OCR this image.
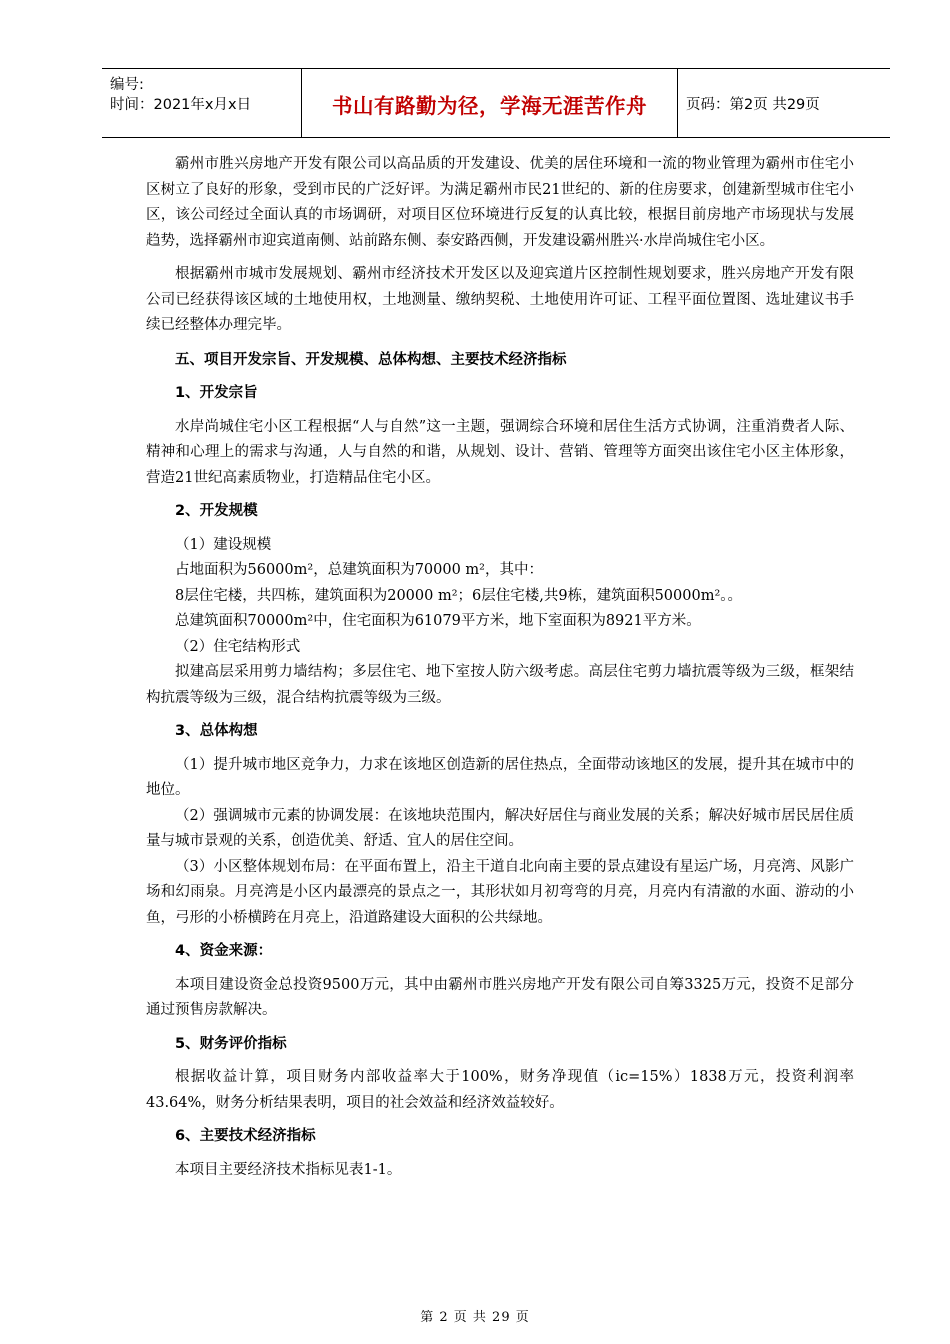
编号:
时间：2021年x月x日	书山有路勤为径，学海无涯苦作舟	页码：第2页 共29页

霸州市胜兴房地产开发有限公司以高品质的开发建设、优美的居住环境和一流的物业管理为霸州市住宅小区树立了良好的形象，受到市民的广泛好评。为满足霸州市民21世纪的、新的住房要求，创建新型城市住宅小区，该公司经过全面认真的市场调研，对项目区位环境进行反复的认真比较，根据目前房地产市场现状与发展趋势，选择霸州市迎宾道南侧、站前路东侧、泰安路西侧，开发建设霸州胜兴·水岸尚城住宅小区。

根据霸州市城市发展规划、霸州市经济技术开发区以及迎宾道片区控制性规划要求，胜兴房地产开发有限公司已经获得该区域的土地使用权，土地测量、缴纳契税、土地使用许可证、工程平面位置图、选址建议书手续已经整体办理完毕。

五、项目开发宗旨、开发规模、总体构想、主要技术经济指标
1、开发宗旨

水岸尚城住宅小区工程根据“人与自然”这一主题，强调综合环境和居住生活方式协调，注重消费者人际、精神和心理上的需求与沟通，人与自然的和谐，从规划、设计、营销、管理等方面突出该住宅小区主体形象，营造21世纪高素质物业，打造精品住宅小区。

2、开发规模

（1）建设规模

占地面积为56000m²，总建筑面积为70000 m²，其中：

8层住宅楼，共四栋，建筑面积为20000 m²；6层住宅楼,共9栋，建筑面积50000m²。。

总建筑面积70000m²中，住宅面积为61079平方米，地下室面积为8921平方米。

（2）住宅结构形式

拟建高层采用剪力墙结构；多层住宅、地下室按人防六级考虑。高层住宅剪力墙抗震等级为三级，框架结构抗震等级为三级，混合结构抗震等级为三级。

3、总体构想

（1）提升城市地区竞争力，力求在该地区创造新的居住热点，全面带动该地区的发展，提升其在城市中的地位。

（2）强调城市元素的协调发展：在该地块范围内，解决好居住与商业发展的关系；解决好城市居民居住质量与城市景观的关系，创造优美、舒适、宜人的居住空间。

（3）小区整体规划布局：在平面布置上，沿主干道自北向南主要的景点建设有星运广场，月亮湾、风影广场和幻雨泉。月亮湾是小区内最漂亮的景点之一，其形状如月初弯弯的月亮，月亮内有清澈的水面、游动的小鱼，弓形的小桥横跨在月亮上，沿道路建设大面积的公共绿地。

4、资金来源：

本项目建设资金总投资9500万元，其中由霸州市胜兴房地产开发有限公司自筹3325万元，投资不足部分通过预售房款解决。

5、财务评价指标

根据收益计算，项目财务内部收益率大于100%，财务净现值（ic=15%）1838万元，投资利润率43.64%，财务分析结果表明，项目的社会效益和经济效益较好。

6、主要技术经济指标

本项目主要经济技术指标见表1-1。

第 2 页 共 29 页
